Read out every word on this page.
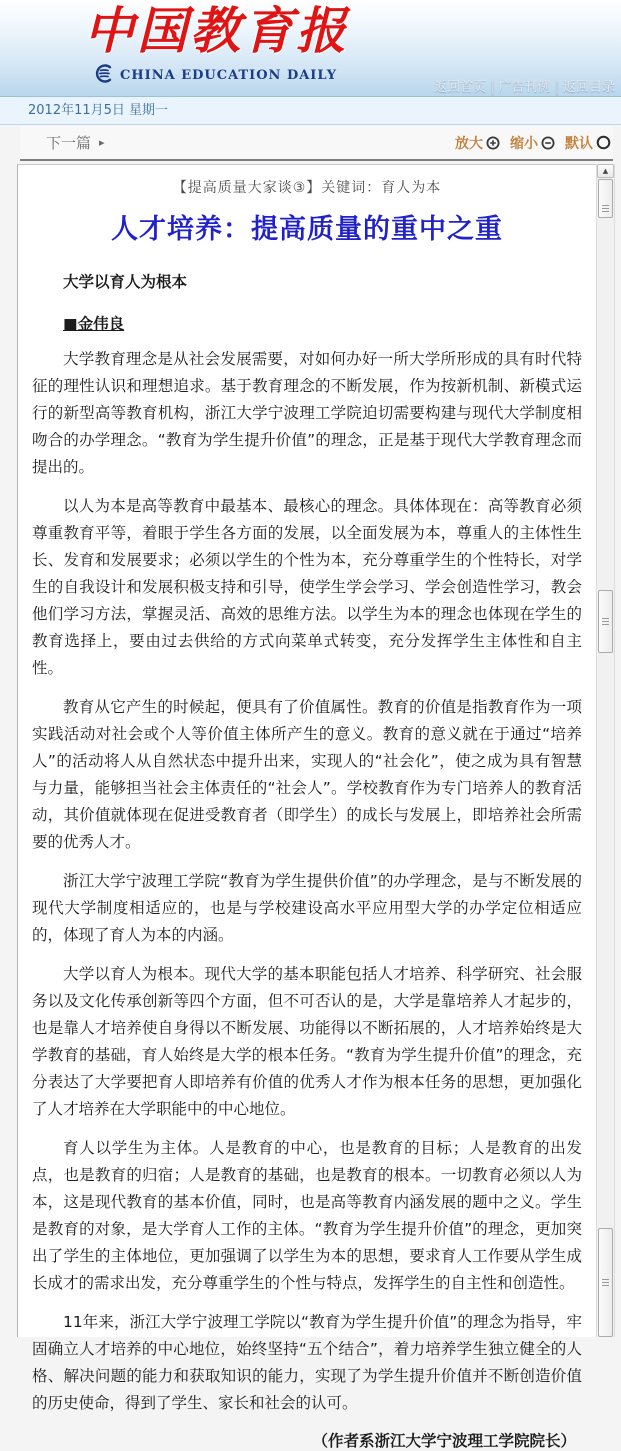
中国教育报
CHINA EDUCATION DAILY
返回首页 | 广告刊例 | 返回目录
2012年11月5日 星期一
下一篇 ▸	放大 缩小 默认
【提高质量大家谈③】关键词：育人为本
人才培养：提高质量的重中之重
大学以育人为根本
■金伟良

大学教育理念是从社会发展需要，对如何办好一所大学所形成的具有时代特征的理性认识和理想追求。基于教育理念的不断发展，作为按新机制、新模式运行的新型高等教育机构，浙江大学宁波理工学院迫切需要构建与现代大学制度相吻合的办学理念。“教育为学生提升价值”的理念，正是基于现代大学教育理念而提出的。

以人为本是高等教育中最基本、最核心的理念。具体体现在：高等教育必须尊重教育平等，着眼于学生各方面的发展，以全面发展为本，尊重人的主体性生长、发育和发展要求；必须以学生的个性为本，充分尊重学生的个性特长，对学生的自我设计和发展积极支持和引导，使学生学会学习、学会创造性学习，教会他们学习方法，掌握灵活、高效的思维方法。以学生为本的理念也体现在学生的教育选择上，要由过去供给的方式向菜单式转变，充分发挥学生主体性和自主性。

教育从它产生的时候起，便具有了价值属性。教育的价值是指教育作为一项实践活动对社会或个人等价值主体所产生的意义。教育的意义就在于通过“培养人”的活动将人从自然状态中提升出来，实现人的“社会化”，使之成为具有智慧与力量，能够担当社会主体责任的“社会人”。学校教育作为专门培养人的教育活动，其价值就体现在促进受教育者（即学生）的成长与发展上，即培养社会所需要的优秀人才。

浙江大学宁波理工学院“教育为学生提供价值”的办学理念，是与不断发展的现代大学制度相适应的，也是与学校建设高水平应用型大学的办学定位相适应的，体现了育人为本的内涵。

大学以育人为根本。现代大学的基本职能包括人才培养、科学研究、社会服务以及文化传承创新等四个方面，但不可否认的是，大学是靠培养人才起步的，也是靠人才培养使自身得以不断发展、功能得以不断拓展的，人才培养始终是大学教育的基础，育人始终是大学的根本任务。“教育为学生提升价值”的理念，充分表达了大学要把育人即培养有价值的优秀人才作为根本任务的思想，更加强化了人才培养在大学职能中的中心地位。

育人以学生为主体。人是教育的中心，也是教育的目标；人是教育的出发点，也是教育的归宿；人是教育的基础，也是教育的根本。一切教育必须以人为本，这是现代教育的基本价值，同时，也是高等教育内涵发展的题中之义。学生是教育的对象，是大学育人工作的主体。“教育为学生提升价值”的理念，更加突出了学生的主体地位，更加强调了以学生为本的思想，要求育人工作要从学生成长成才的需求出发，充分尊重学生的个性与特点，发挥学生的自主性和创造性。

11年来，浙江大学宁波理工学院以“教育为学生提升价值”的理念为指导，牢固确立人才培养的中心地位，始终坚持“五个结合”，着力培养学生独立健全的人格、解决问题的能力和获取知识的能力，实现了为学生提升价值并不断创造价值的历史使命，得到了学生、家长和社会的认可。

（作者系浙江大学宁波理工学院院长）
▲
